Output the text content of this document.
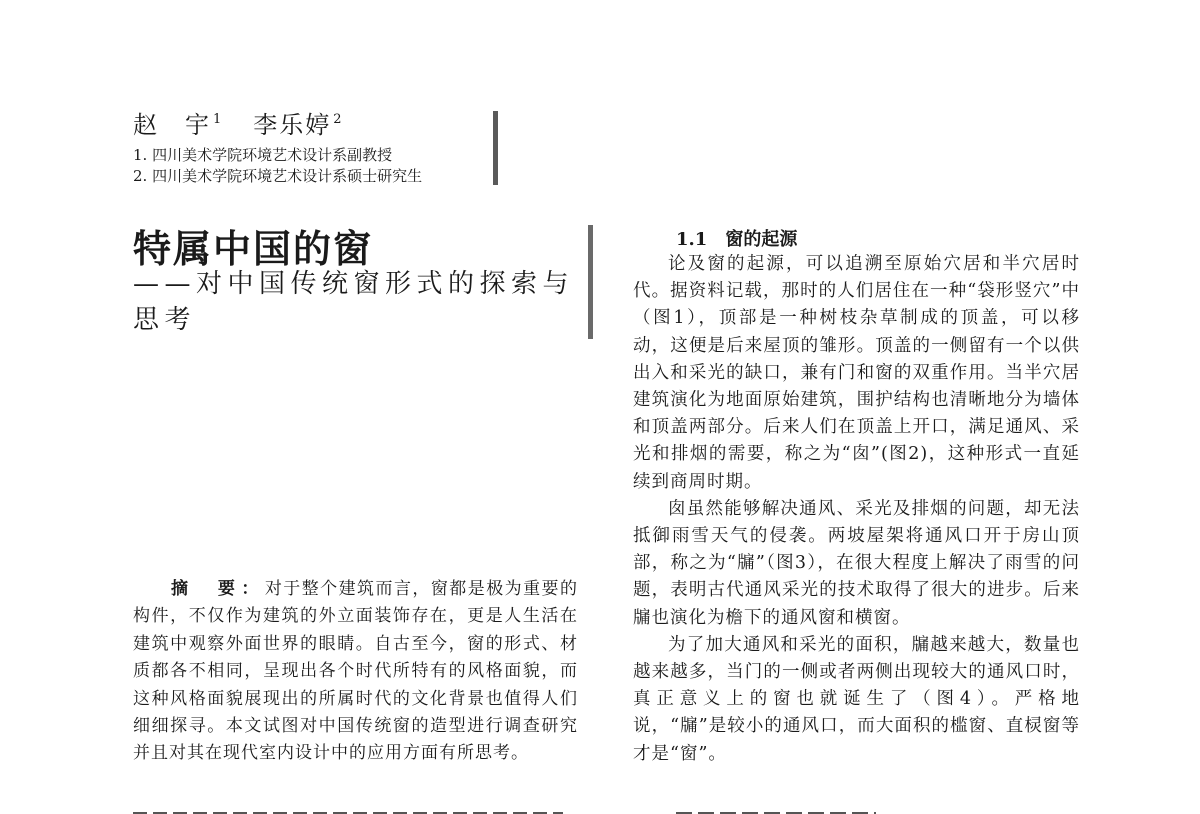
赵　宇 $^1$ 李乐婷 $^2$
1. 四川美术学院环境艺术设计系副教授
2. 四川美术学院环境艺术设计系硕士研究生
特属中国的窗
——对中国传统窗形式的探索与思考
摘　要：对于整个建筑而言，窗都是极为重要的构件，不仅作为建筑的外立面装饰存在，更是人生活在建筑中观察外面世界的眼睛。自古至今，窗的形式、材质都各不相同，呈现出各个时代所特有的风格面貌，而这种风格面貌展现出的所属时代的文化背景也值得人们细细探寻。本文试图对中国传统窗的造型进行调查研究并且对其在现代室内设计中的应用方面有所思考。
1.1　窗的起源

论及窗的起源，可以追溯至原始穴居和半穴居时代。据资料记载，那时的人们居住在一种“袋形竖穴”中（图1），顶部是一种树枝杂草制成的顶盖，可以移动，这便是后来屋顶的雏形。顶盖的一侧留有一个以供出入和采光的缺口，兼有门和窗的双重作用。当半穴居建筑演化为地面原始建筑，围护结构也清晰地分为墙体和顶盖两部分。后来人们在顶盖上开口，满足通风、采光和排烟的需要，称之为“囱”(图2)，这种形式一直延续到商周时期。

囱虽然能够解决通风、采光及排烟的问题，却无法抵御雨雪天气的侵袭。两坡屋架将通风口开于房山顶部，称之为“牖”（图3），在很大程度上解决了雨雪的问题，表明古代通风采光的技术取得了很大的进步。后来牖也演化为檐下的通风窗和横窗。

为了加大通风和采光的面积，牖越来越大，数量也越来越多，当门的一侧或者两侧出现较大的通风口时，真正意义上的窗也就诞生了（图4）。严格地说，“牖”是较小的通风口，而大面积的槛窗、直棂窗等才是“窗”。
